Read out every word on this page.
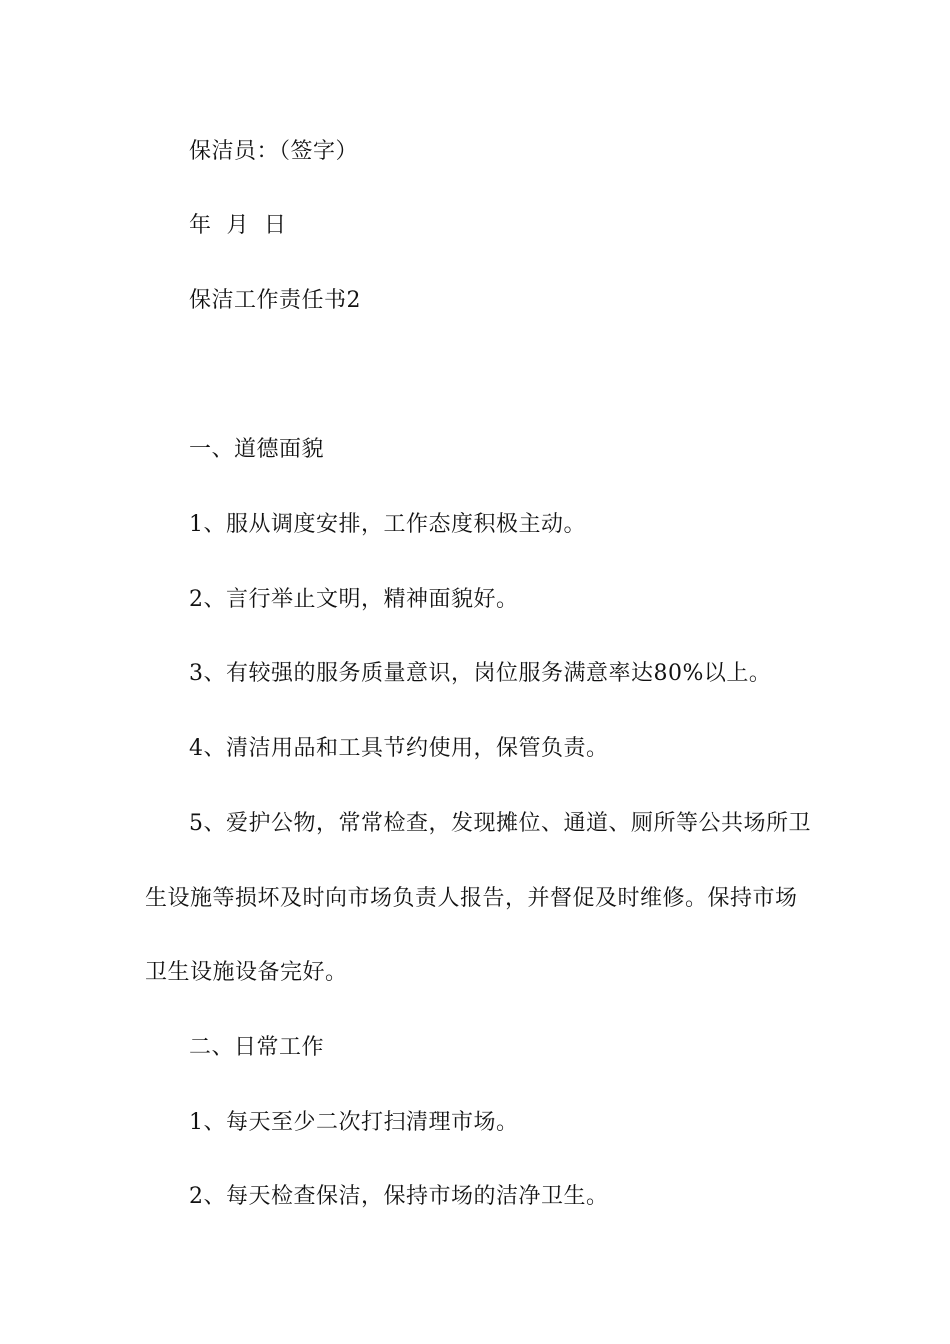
保洁员：（签字）
年  月  日
保洁工作责任书2
一、道德面貌
1、服从调度安排，工作态度积极主动。
2、言行举止文明，精神面貌好。
3、有较强的服务质量意识，岗位服务满意率达80%以上。
4、清洁用品和工具节约使用，保管负责。
5、爱护公物，常常检查，发现摊位、通道、厕所等公共场所卫
生设施等损坏及时向市场负责人报告，并督促及时维修。保持市场
卫生设施设备完好。
二、日常工作
1、每天至少二次打扫清理市场。
2、每天检查保洁，保持市场的洁净卫生。
